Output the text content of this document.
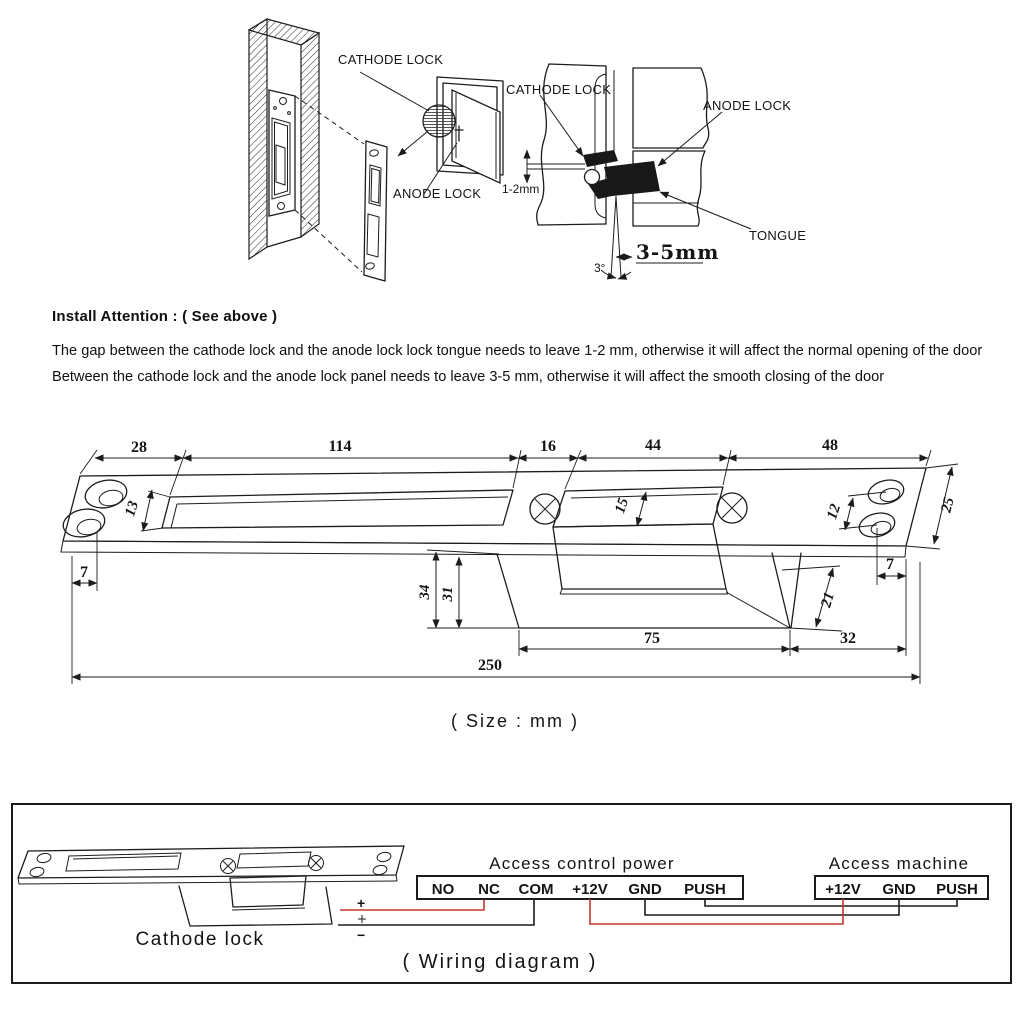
CATHODE LOCK
ANODE LOCK
CATHODE LOCK
ANODE LOCK
TONGUE
1-2mm
3-5mm
3°
28	114	16	44	48
13	15
7
34 31	21
75	32
250
12	25
7
( Size : mm )
Cathode lock
+
−
NO NC COM +12V GND PUSH
Access control power
+12V GND PUSH
Access machine
( Wiring diagram )
Install Attention : ( See above )
The gap between the cathode lock and the anode lock lock tongue needs to leave 1-2 mm, otherwise it will affect the normal opening of the door
Between the cathode lock and the anode lock panel needs to leave 3-5 mm, otherwise it will affect the smooth closing of the door
